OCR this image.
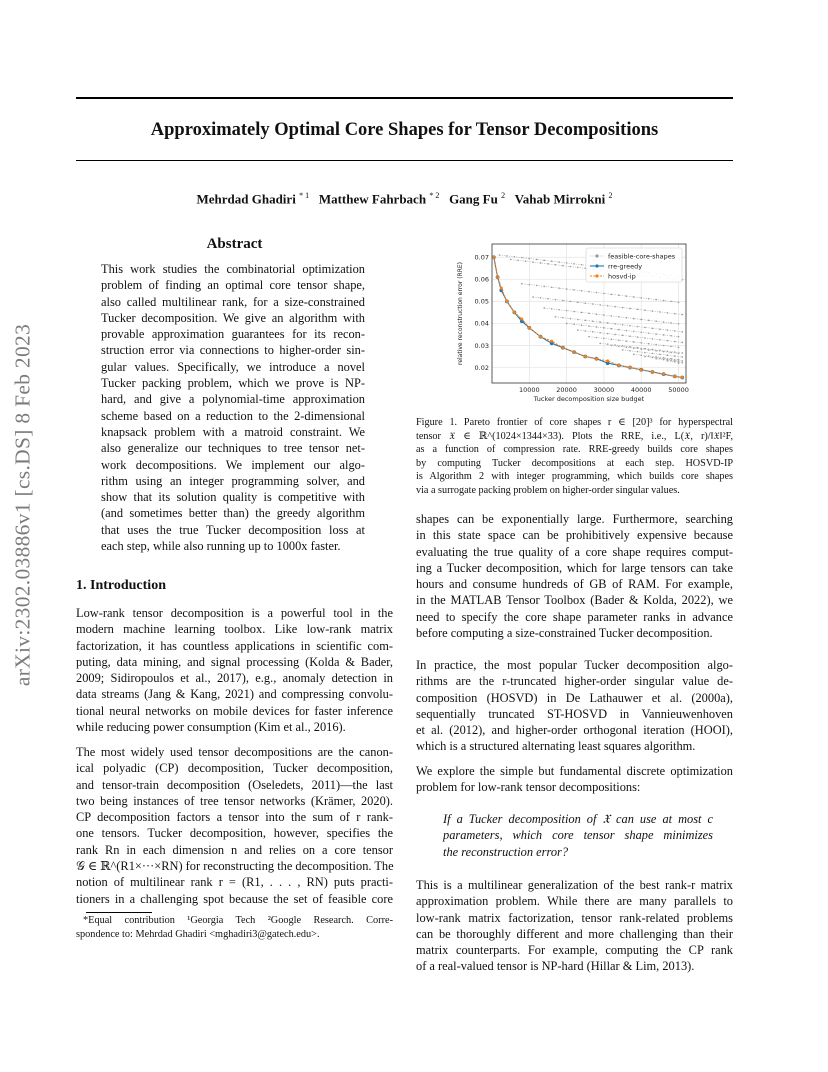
Approximately Optimal Core Shapes for Tensor Decompositions
Mehrdad Ghadiri $^{* 1}$ Matthew Fahrbach $^{* 2}$ Gang Fu $^2$ Vahab Mirrokni $^2$
arXiv:2302.03886v1 [cs.DS] 8 Feb 2023
Abstract
This work studies the combinatorial optimization
problem of finding an optimal core tensor shape,
also called multilinear rank, for a size-constrained
Tucker decomposition. We give an algorithm with
provable approximation guarantees for its recon-
struction error via connections to higher-order sin-
gular values. Specifically, we introduce a novel
Tucker packing problem, which we prove is NP-
hard, and give a polynomial-time approximation
scheme based on a reduction to the 2-dimensional
knapsack problem with a matroid constraint. We
also generalize our techniques to tree tensor net-
work decompositions. We implement our algo-
rithm using an integer programming solver, and
show that its solution quality is competitive with
(and sometimes better than) the greedy algorithm
that uses the true Tucker decomposition loss at
each step, while also running up to 1000x faster.
1. Introduction
Low-rank tensor decomposition is a powerful tool in the
modern machine learning toolbox. Like low-rank matrix
factorization, it has countless applications in scientific com-
puting, data mining, and signal processing (Kolda & Bader,
2009; Sidiropoulos et al., 2017), e.g., anomaly detection in
data streams (Jang & Kang, 2021) and compressing convolu-
tional neural networks on mobile devices for faster inference
while reducing power consumption (Kim et al., 2016).
The most widely used tensor decompositions are the canon-
ical polyadic (CP) decomposition, Tucker decomposition,
and tensor-train decomposition (Oseledets, 2011)—the last
two being instances of tree tensor networks (Krämer, 2020).
CP decomposition factors a tensor into the sum of r rank-
one tensors. Tucker decomposition, however, specifies the
rank Rn in each dimension n and relies on a core tensor
𝒢 ∈ ℝ^(R1×···×RN) for reconstructing the decomposition. The
notion of multilinear rank r = (R1, . . . , RN) puts practi-
tioners in a challenging spot because the set of feasible core
*Equal contribution ¹Georgia Tech ²Google Research. Corre-
spondence to: Mehrdad Ghadiri <mghadiri3@gatech.edu>.
10000	20000	30000	40000	50000
0.02
0.03
0.04
0.05
0.06
0.07
Tucker decomposition size budget
relative reconstruction error (RRE)
feasible-core-shapes
rre-greedy
hosvd-ip
Figure 1. Pareto frontier of core shapes r ∈ [20]³ for hyperspectral
tensor 𝔛 ∈ ℝ^(1024×1344×33). Plots the RRE, i.e., L(𝔛, r)/‖𝔛‖²F,
as a function of compression rate. RRE-greedy builds core shapes
by computing Tucker decompositions at each step. HOSVD-IP
is Algorithm 2 with integer programming, which builds core shapes
via a surrogate packing problem on higher-order singular values.
shapes can be exponentially large. Furthermore, searching
in this state space can be prohibitively expensive because
evaluating the true quality of a core shape requires comput-
ing a Tucker decomposition, which for large tensors can take
hours and consume hundreds of GB of RAM. For example,
in the MATLAB Tensor Toolbox (Bader & Kolda, 2022), we
need to specify the core shape parameter ranks in advance
before computing a size-constrained Tucker decomposition.
In practice, the most popular Tucker decomposition algo-
rithms are the r-truncated higher-order singular value de-
composition (HOSVD) in De Lathauwer et al. (2000a),
sequentially truncated ST-HOSVD in Vannieuwenhoven
et al. (2012), and higher-order orthogonal iteration (HOOI),
which is a structured alternating least squares algorithm.
We explore the simple but fundamental discrete optimization
problem for low-rank tensor decompositions:
If a Tucker decomposition of 𝔛 can use at most c
parameters, which core tensor shape minimizes
the reconstruction error?
This is a multilinear generalization of the best rank-r matrix
approximation problem. While there are many parallels to
low-rank matrix factorization, tensor rank-related problems
can be thoroughly different and more challenging than their
matrix counterparts. For example, computing the CP rank
of a real-valued tensor is NP-hard (Hillar & Lim, 2013).
